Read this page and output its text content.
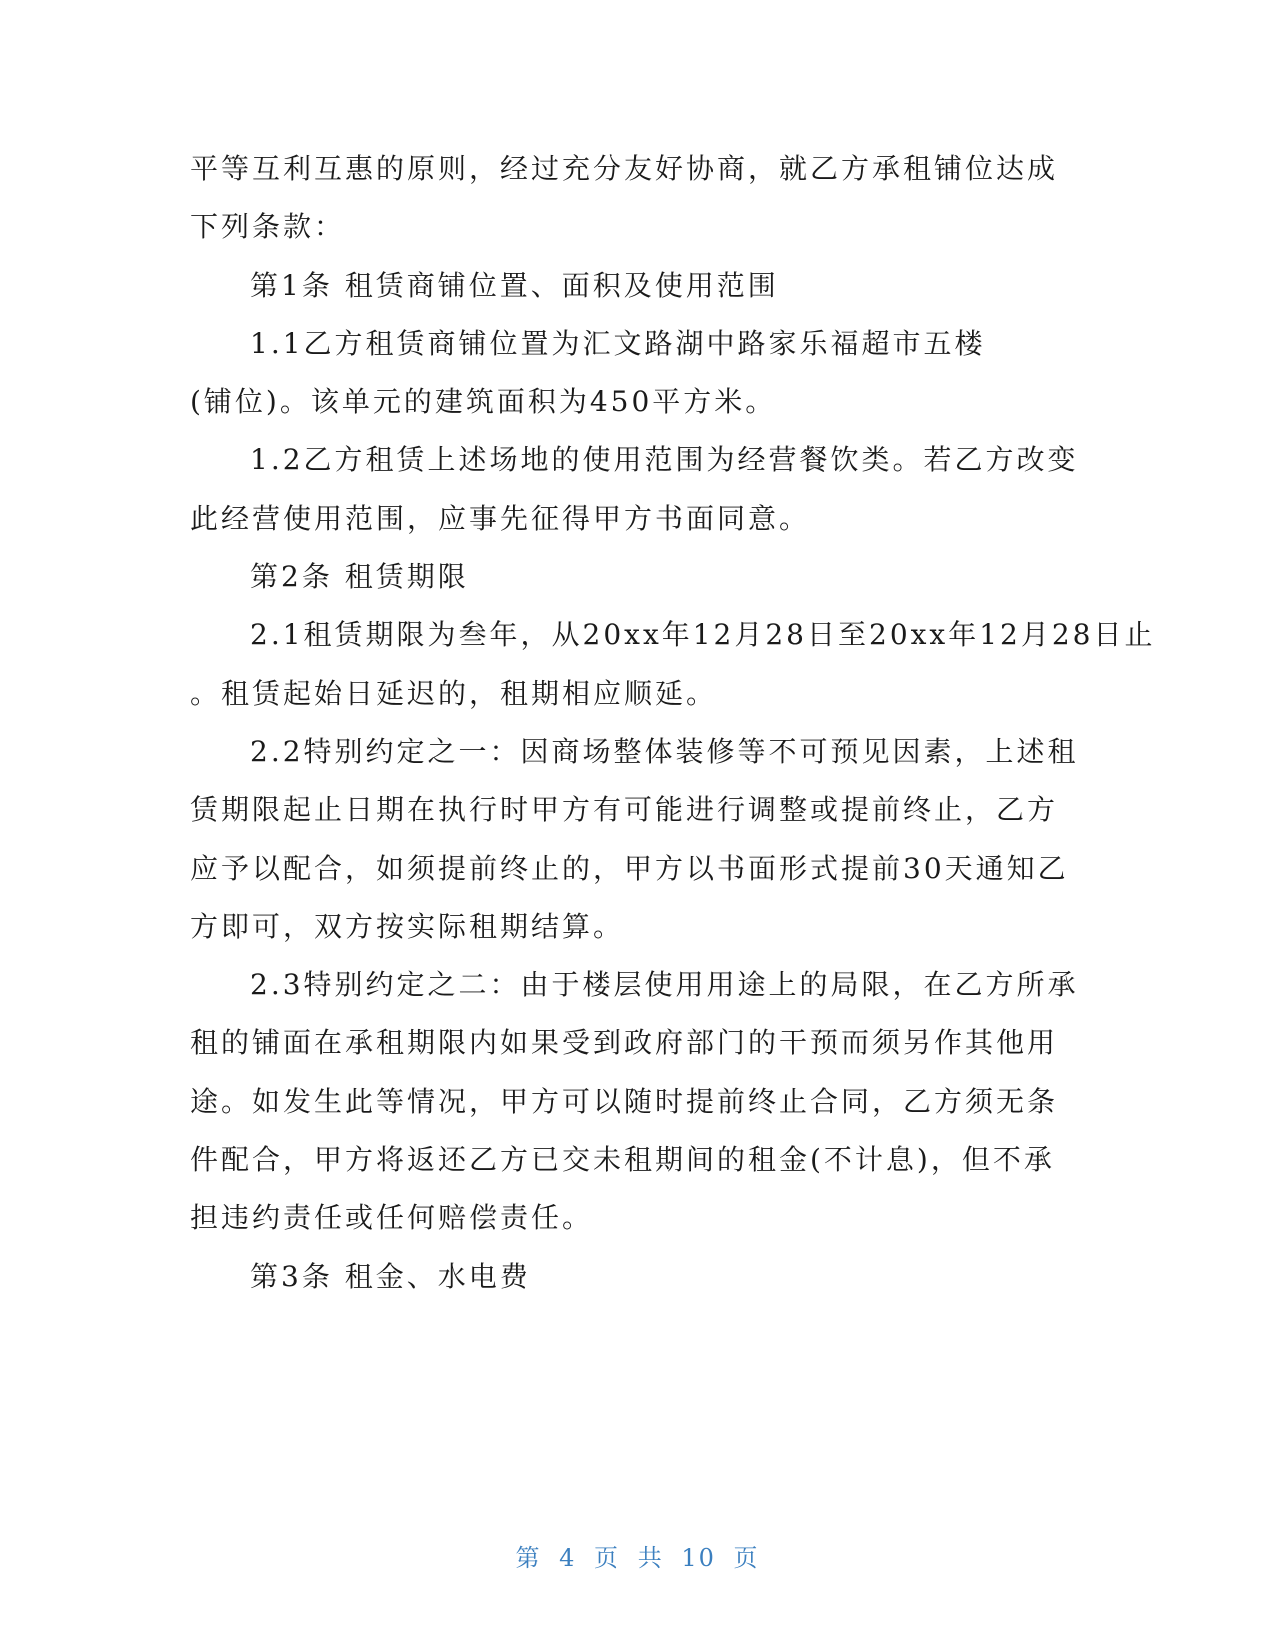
平等互利互惠的原则，经过充分友好协商，就乙方承租铺位达成

下列条款：

第1条 租赁商铺位置、面积及使用范围

1.1乙方租赁商铺位置为汇文路湖中路家乐福超市五楼

(铺位)。该单元的建筑面积为450平方米。

1.2乙方租赁上述场地的使用范围为经营餐饮类。若乙方改变

此经营使用范围，应事先征得甲方书面同意。

第2条 租赁期限

2.1租赁期限为叁年，从20xx年12月28日至20xx年12月28日止

。租赁起始日延迟的，租期相应顺延。

2.2特别约定之一：因商场整体装修等不可预见因素，上述租

赁期限起止日期在执行时甲方有可能进行调整或提前终止，乙方

应予以配合，如须提前终止的，甲方以书面形式提前30天通知乙

方即可，双方按实际租期结算。

2.3特别约定之二：由于楼层使用用途上的局限，在乙方所承

租的铺面在承租期限内如果受到政府部门的干预而须另作其他用

途。如发生此等情况，甲方可以随时提前终止合同，乙方须无条

件配合，甲方将返还乙方已交未租期间的租金(不计息)，但不承

担违约责任或任何赔偿责任。

第3条 租金、水电费

第 4 页 共 10 页
